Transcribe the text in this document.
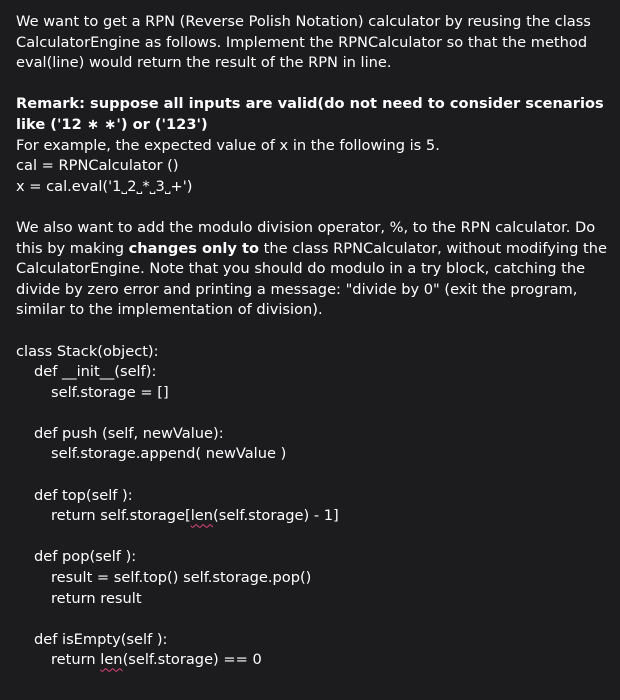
We want to get a RPN (Reverse Polish Notation) calculator by reusing the class CalculatorEngine as follows. Implement the RPNCalculator so that the method eval(line) would return the result of the RPN in line.

Remark: suppose all inputs are valid(do not need to consider scenarios like ('12 ∗ ∗') or ('123')

For example, the expected value of x in the following is 5.

cal = RPNCalculator ()

x = cal.eval('1˽2˽*˽3˽+')

We also want to add the modulo division operator, %, to the RPN calculator. Do this by making changes only to the class RPNCalculator, without modifying the CalculatorEngine. Note that you should do modulo in a try block, catching the divide by zero error and printing a message: "divide by 0" (exit the program, similar to the implementation of division).

class Stack(object):

def __init__(self):

self.storage = []

def push (self, newValue):

self.storage.append( newValue )

def top(self ):

return self.storage[len(self.storage) - 1]

def pop(self ):

result = self.top() self.storage.pop()

return result

def isEmpty(self ):

return len(self.storage) == 0
